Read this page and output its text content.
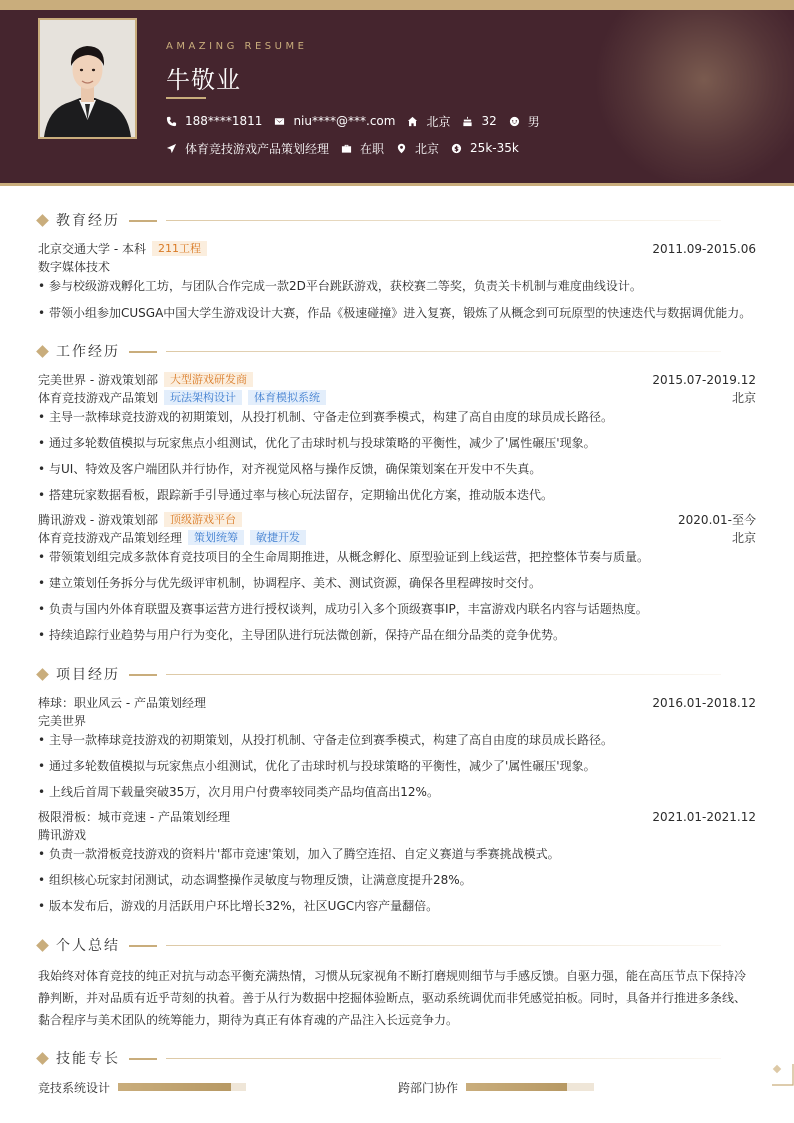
AMAZING RESUME
牛敬业
188****1811	niu****@***.com	北京	32	男
体育竞技游戏产品策划经理	在职	北京	25k-35k
教育经历
北京交通大学 - 本科 211工程	2011.09-2015.06
数字媒体技术
• 参与校级游戏孵化工坊，与团队合作完成一款2D平台跳跃游戏，获校赛二等奖，负责关卡机制与难度曲线设计。
• 带领小组参加CUSGA中国大学生游戏设计大赛，作品《极速碰撞》进入复赛，锻炼了从概念到可玩原型的快速迭代与数据调优能力。
工作经历
完美世界 - 游戏策划部 大型游戏研发商	2015.07-2019.12
体育竞技游戏产品策划 玩法架构设计 体育模拟系统	北京
• 主导一款棒球竞技游戏的初期策划，从投打机制、守备走位到赛季模式，构建了高自由度的球员成长路径。
• 通过多轮数值模拟与玩家焦点小组测试，优化了击球时机与投球策略的平衡性，减少了'属性碾压'现象。
• 与UI、特效及客户端团队并行协作，对齐视觉风格与操作反馈，确保策划案在开发中不失真。
• 搭建玩家数据看板，跟踪新手引导通过率与核心玩法留存，定期输出优化方案，推动版本迭代。
腾讯游戏 - 游戏策划部 顶级游戏平台	2020.01-至今
体育竞技游戏产品策划经理 策划统筹 敏捷开发	北京
• 带领策划组完成多款体育竞技项目的全生命周期推进，从概念孵化、原型验证到上线运营，把控整体节奏与质量。
• 建立策划任务拆分与优先级评审机制，协调程序、美术、测试资源，确保各里程碑按时交付。
• 负责与国内外体育联盟及赛事运营方进行授权谈判，成功引入多个顶级赛事IP，丰富游戏内联名内容与话题热度。
• 持续追踪行业趋势与用户行为变化，主导团队进行玩法微创新，保持产品在细分品类的竞争优势。
项目经历
棒球：职业风云 - 产品策划经理	2016.01-2018.12
完美世界
• 主导一款棒球竞技游戏的初期策划，从投打机制、守备走位到赛季模式，构建了高自由度的球员成长路径。
• 通过多轮数值模拟与玩家焦点小组测试，优化了击球时机与投球策略的平衡性，减少了'属性碾压'现象。
• 上线后首周下载量突破35万，次月用户付费率较同类产品均值高出12%。
极限滑板：城市竞速 - 产品策划经理	2021.01-2021.12
腾讯游戏
• 负责一款滑板竞技游戏的资料片'都市竞速'策划，加入了腾空连招、自定义赛道与季赛挑战模式。
• 组织核心玩家封闭测试，动态调整操作灵敏度与物理反馈，让满意度提升28%。
• 版本发布后，游戏的月活跃用户环比增长32%，社区UGC内容产量翻倍。
个人总结
我始终对体育竞技的纯正对抗与动态平衡充满热情，习惯从玩家视角不断打磨规则细节与手感反馈。自驱力强，能在高压节点下保持冷静判断，并对品质有近乎苛刻的执着。善于从行为数据中挖掘体验断点，驱动系统调优而非凭感觉拍板。同时，具备并行推进多条线、黏合程序与美术团队的统筹能力，期待为真正有体育魂的产品注入长远竞争力。
技能专长
竞技系统设计	跨部门协作
